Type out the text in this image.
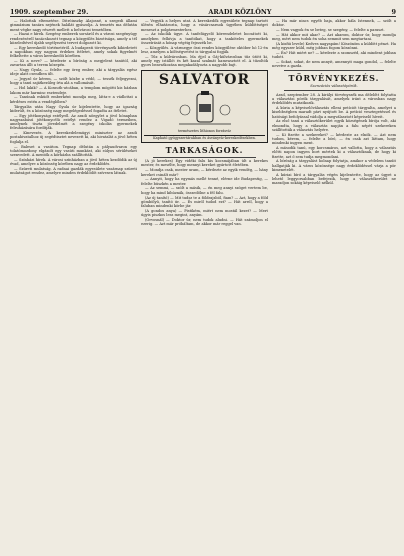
1909. szeptember 29.	ARADI KÖZLÖNY	9

— Halottak eltemetése. Ditróinszky Alajosné, a szegedi állami gimnázium tanára nejének halálát gyászolja. A temetés ma délután ment végbe nagy részvét mellett a belvárosi temetőben.

— Hazai e hírek. Szegény emberek sorsáról és a városi szegényügy rendezéséről tanácskozott tegnap a közgyűlés bizottsága, amely a tél közeledtével újabb segélyezési tervet dolgozott ki.

— Egy kereskedő történetéről. A budapesti törvényszék kihirdetett a napokban egy nagyon érdekes ítéletet, amely sokak figyelmét felkeltette a város kereskedői körében.

— Ki a neve? — kérdezte a bíróság a megjelent tanútól, aki zavartan állt a terem közepén.

— Nagy Gyula, — felelte egy öreg ember, aki a tárgyalás egész ideje alatt csendben ült.

— Jegyző úr kérem, — szólt közbe a védő, — tessék feljegyezni, hogy a tanú sajátkezűleg írta alá a vallomását.

— Hol lakik? — A Kossuth-utcában, a templom mögötti kis házban lakom már harminc esztendeje.

— Tanúnak esküdt emberként mondja meg, látta-e a vádlottat a kérdéses estén a vendéglőben?

Tárgyalás után Nagy Gyula úr kijelentette, hogy az igazság kiderült, és a közönség nagy megelégedéssel fogadta az ítéletet.

— Egy jótékonysági estélyről. Az aradi nőegylet a jövő hónapban nagyszabású jótékonycélú estélyt rendez a Vigadó termeiben, amelynek tiszta jövedelmét a szegény iskolás gyermekek felruházására fordítják.

— Kinevezés. A kereskedelemügyi miniszter az aradi postahivatalhoz új segédtisztet nevezett ki, aki hivatalát a jövő héten foglalja el.

— Baleset a vasúton. Tegnap délután a pályaudvaron egy tolatómozdony elgázolt egy vasúti munkást, aki súlyos sérüléseket szenvedett. A mentők a kórházba szállították.

— Színházi hírek. A városi színházban a jövő héten kezdődik az új évad, amelyre a közönség körében nagy az érdeklődés.

— Szüreti mulatság. A radnai gazdák egyesülete vasárnap szüreti mulatságot rendez, amelyre minden érdeklődőt szívesen látnak.

— Vegyük a helyes utat. A kereskedők egyesülete tegnap tartott ülésén elhatározta, hogy a vásárcsarnok ügyében küldöttséget meneszt a polgármesterhez.

— Az iskolák ügye. A tanfelügyelő körrendeletet bocsátott ki, amelyben felhívja a tanítókat, hogy a tanköteles gyermekek összeírását a hónap végéig fejezzék be.

— Közgyűlés. A vármegye őszi rendes közgyűlése október hó 12-én lesz, amelyen a költségvetést is tárgyalni fogják.

— Tűz a külvárosban. Ma éjjel a Gáj-külvárosban tűz ütött ki, amely egy istállót és két kazal szalmát hamvasztott el. A tűzoltók gyors beavatkozása megakadályozta a nagyobb bajt.

SALVATOR
természetes lithionos forrásvíz
Kapható gyógyszertárakban és ásványvíz-kereskedésekben.
TARKASÁGOK.

(A jó kerekes) Egy vidéki falu kis kocsmájában ült a kerekes mester, és mesélte, hogy mennyi kereket gyártott életében.

— Mondja csak, mester uram, — kérdezte az egyik vendég, — hány kereket csinált már?

— Annyit, hogy ha egymás mellé tenné, elérne ide Budapestig, — felelte büszkén a mester.

— Az semmi, — szólt a másik, — én meg annyi szöget vertem be, hogy ha mind kihúznák, összedőlne a fél falu.

(Az új tanító) — Mit tudsz te a földrajzból, fiam? — Azt, hogy a föld gömbölyű, tanító úr. — És miről tudod ezt? — Hát arról, hogy a faluban mindenki körbe jár.

(A gondos anya) — Pistikém, miért nem mostál kezet? — Mert úgyis piszkos lesz megint, anyám.

(Orvosnál) — Doktor úr, nem tudok aludni. — Hát számoljon el ezerig. — Azt már próbáltam, de akkor már reggel van.

— Ha már nincs egyéb baja, akkor hála Istennek, — szólt a doktor.

— Nem vagyok én se beteg, se szegény, — felelte a paraszt.

— Hát akkor mit akar? — Azt akarom, doktor úr, hogy mondja meg, mért nem tudok én soha semmit sem megtartani.

(A kisfiú levele) Kedves nagyapám! Köszönöm a küldött pénzt. Ha még egyszer küld, még jobban fogom köszönni.

— Én? Hát miért ne? — kérdezte a szomszéd, aki mindent jobban tudott.

— Sokat, sokat, de nem annyit, amennyit maga gondol, — felelte nevetve a gazda.

TÖRVÉNYKEZÉS.
Szenzációs választópörök.

Arad, szeptember 28. A királyi törvényszék ma délelőtt folytatta a választási pörök tárgyalását, amelyek iránt a városban nagy érdeklődés mutatkozik.

A kúria a képviselőválasztás elleni petíciót tárgyalta, amelyet a kisebbségben maradt párt nyújtott be. A petíció vesztegetéssel és hatósági befolyással vádolja a megválasztott képviselő híveit.

Az első tanú a választókerület egyik községének bírója volt, aki elmondta, hogy a választás napján a falu népét szekereken szállították a választás helyére.

— Ki fizette a szekereket? — kérdezte az elnök. — Azt nem tudom, kérem, — felelte a bíró, — én csak azt láttam, hogy mindenki ingyen ment.

A második tanú, egy korcsmáros, azt vallotta, hogy a választás előtti napon ingyen bort mértek ki a választóknak, de hogy ki fizette, azt ő sem tudja megmondani.

A bíróság a tárgyalást holnap folytatja, amikor a védelem tanúit hallgatják ki. A város közönsége nagy érdeklődéssel várja a pör kimenetelét.

A kúriai bíró a tárgyalás végén kijelentette, hogy az ügyet a lehető leggyorsabban befejezik, hogy a választókerület ne maradjon sokáig képviselő nélkül.
